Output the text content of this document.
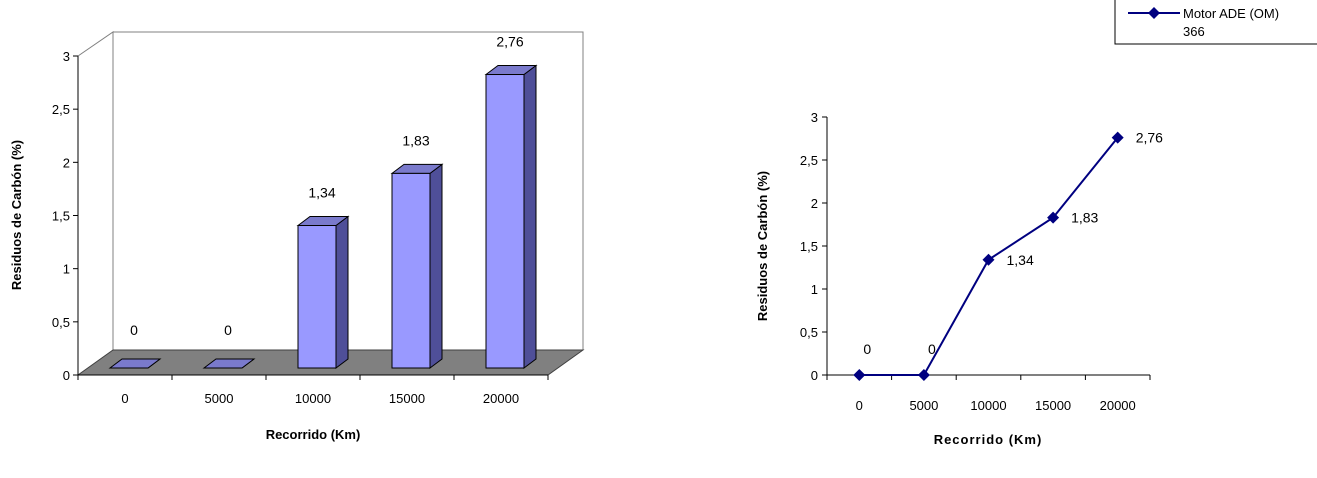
0
0,5
1
1,5
2
2,5
3
0	5000	10000	15000	20000
0	0
1,34
1,83
2,76
Residuos de Carbón (%)
Recorrido (Km)
0
0,5
1
1,5
2
2,5
3
0	5000 10000 15000 20000
0	0
1,34
1,83
2,76
Residuos de Carbón (%)
Recorrido (Km)
Motor ADE (OM)
366
